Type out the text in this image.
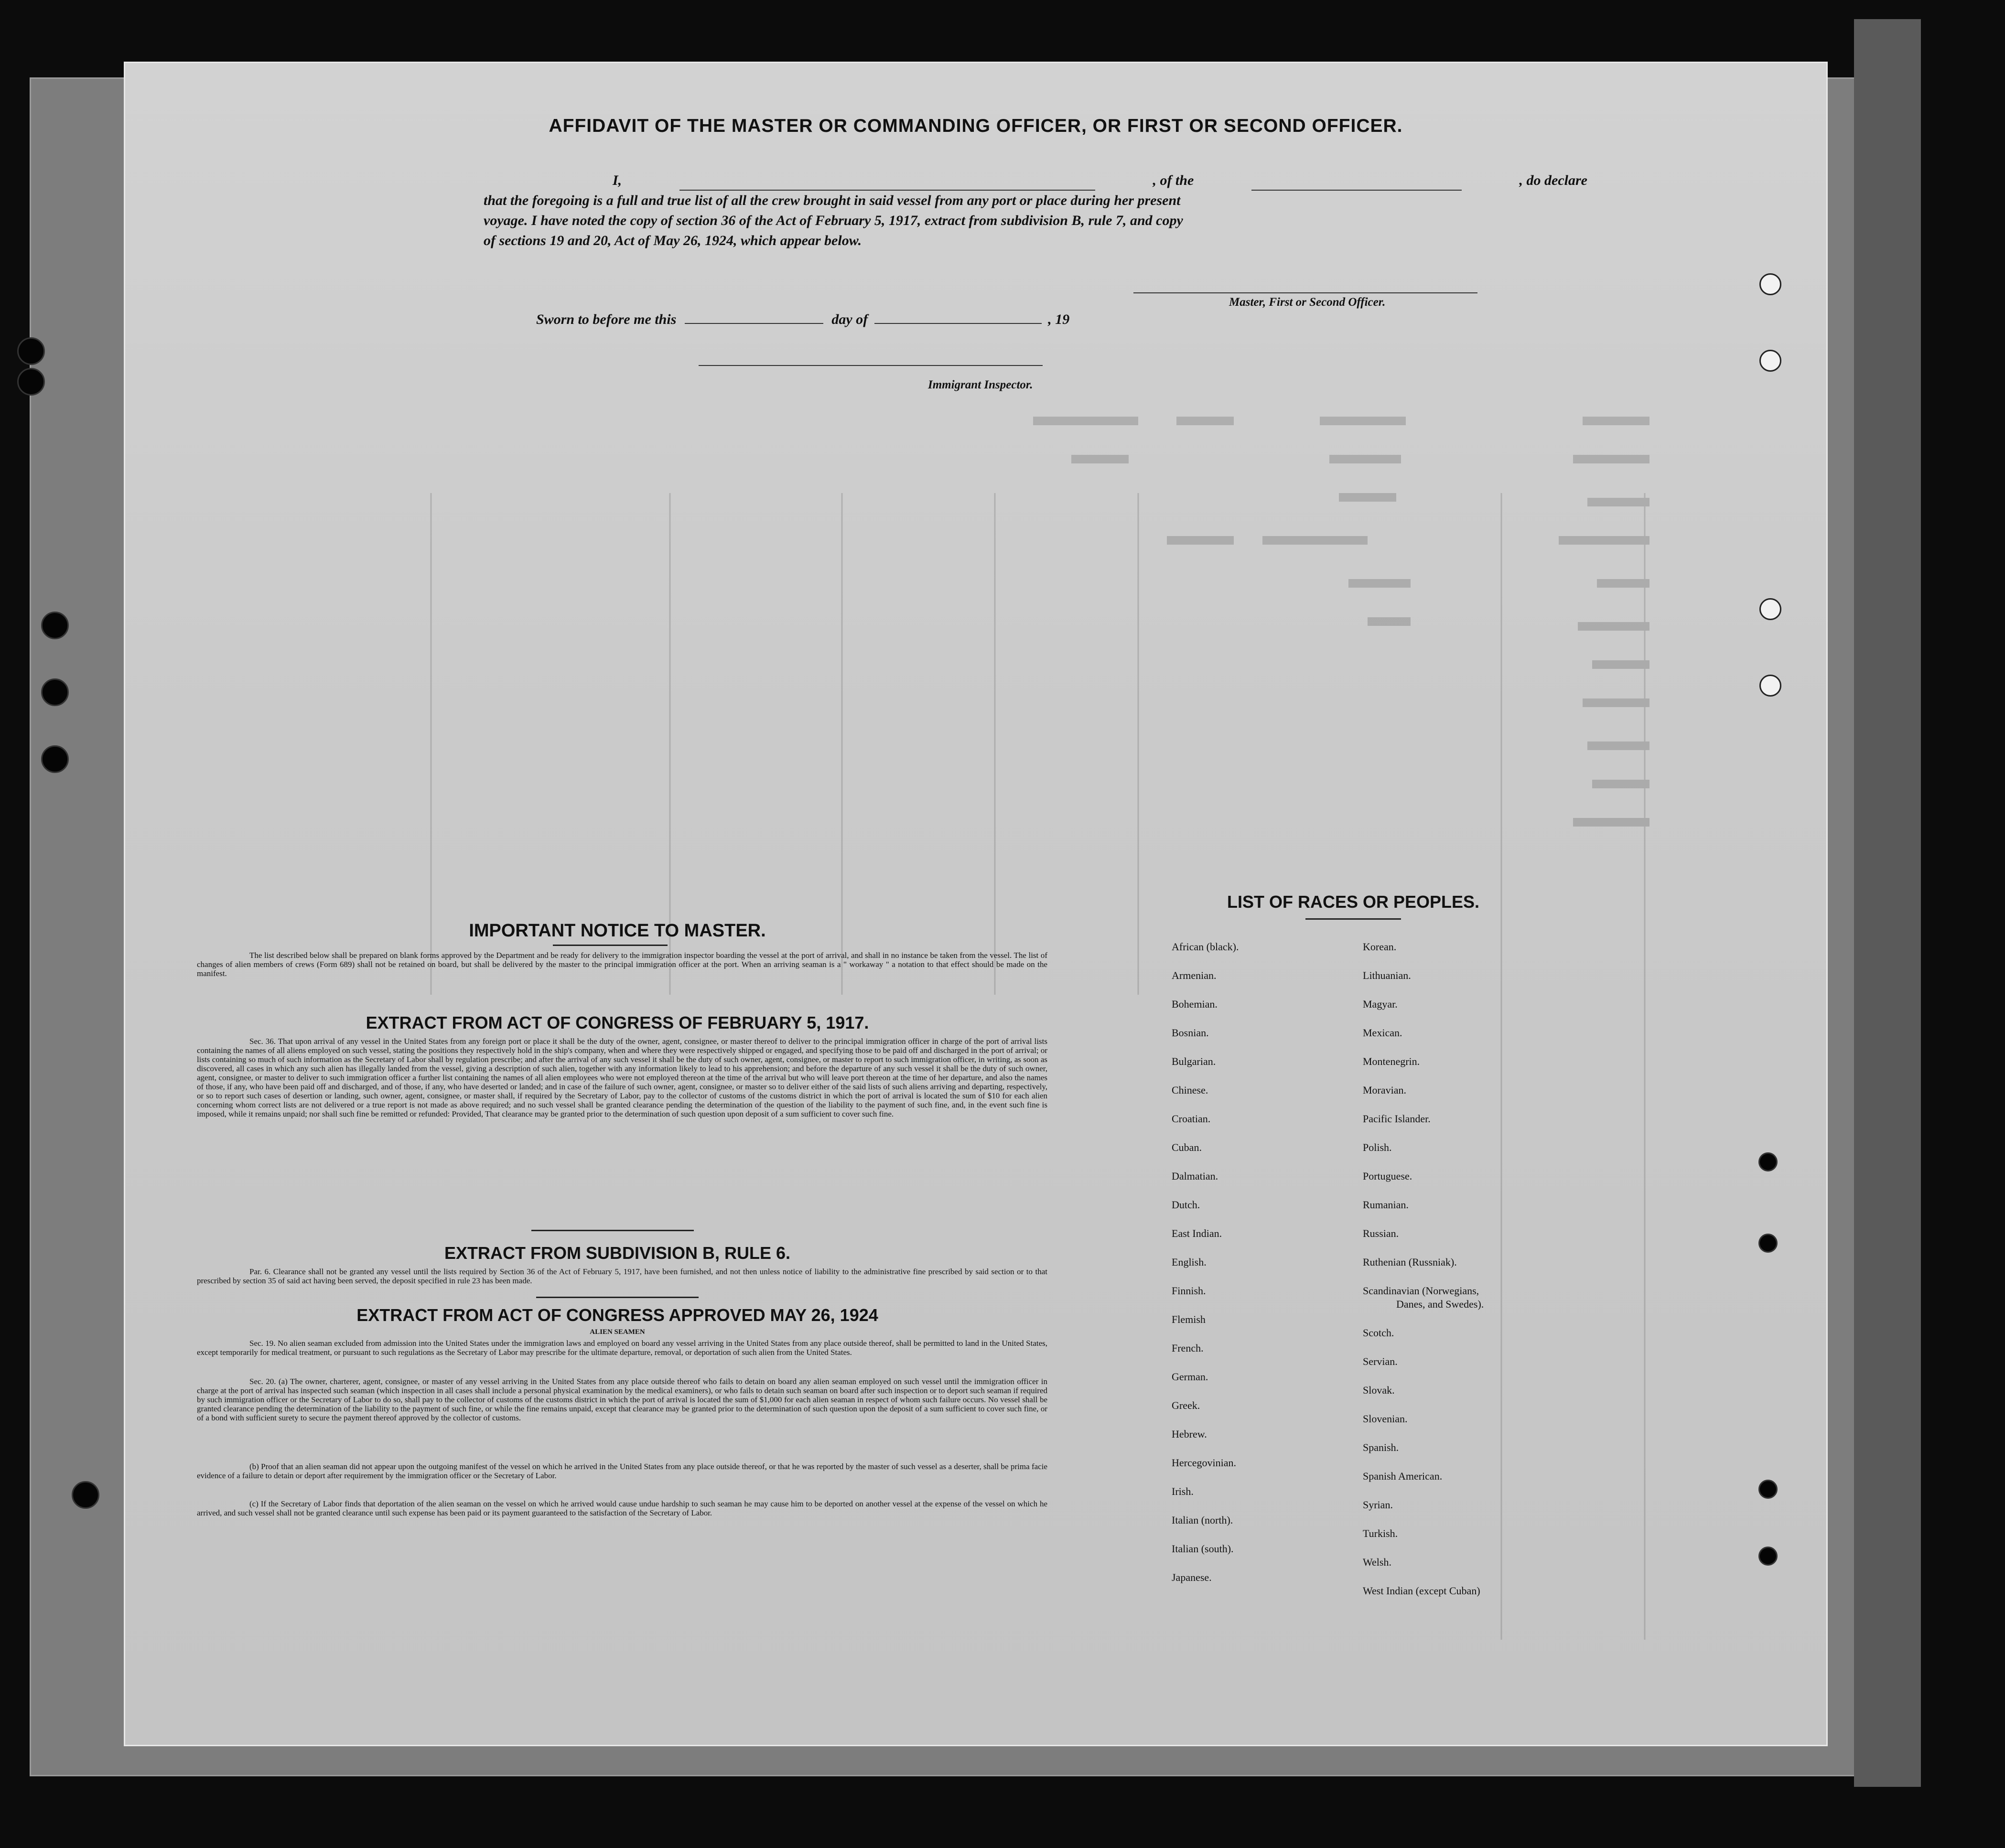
AFFIDAVIT OF THE MASTER OR COMMANDING OFFICER, OR FIRST OR SECOND OFFICER.
I,	, of the	, do declare
that the foregoing is a full and true list of all the crew brought in said vessel from any port or place during her present
voyage. I have noted the copy of section 36 of the Act of February 5, 1917, extract from subdivision B, rule 7, and copy
of sections 19 and 20, Act of May 26, 1924, which appear below.
Master, First or Second Officer.
Sworn to before me this	day of	, 19
Immigrant Inspector.
IMPORTANT NOTICE TO MASTER.
The list described below shall be prepared on blank forms approved by the Department and be ready for delivery to the immigration inspector boarding the vessel at the port of arrival, and shall in no instance be taken from the vessel. The list of changes of alien members of crews (Form 689) shall not be retained on board, but shall be delivered by the master to the principal immigration officer at the port. When an arriving seaman is a " workaway " a notation to that effect should be made on the manifest.
EXTRACT FROM ACT OF CONGRESS OF FEBRUARY 5, 1917.
Sec. 36. That upon arrival of any vessel in the United States from any foreign port or place it shall be the duty of the owner, agent, consignee, or master thereof to deliver to the principal immigration officer in charge of the port of arrival lists containing the names of all aliens employed on such vessel, stating the positions they respectively hold in the ship's company, when and where they were respectively shipped or engaged, and specifying those to be paid off and discharged in the port of arrival; or lists containing so much of such information as the Secretary of Labor shall by regulation prescribe; and after the arrival of any such vessel it shall be the duty of such owner, agent, consignee, or master to report to such immigration officer, in writing, as soon as discovered, all cases in which any such alien has illegally landed from the vessel, giving a description of such alien, together with any information likely to lead to his apprehension; and before the departure of any such vessel it shall be the duty of such owner, agent, consignee, or master to deliver to such immigration officer a further list containing the names of all alien employees who were not employed thereon at the time of the arrival but who will leave port thereon at the time of her departure, and also the names of those, if any, who have been paid off and discharged, and of those, if any, who have deserted or landed; and in case of the failure of such owner, agent, consignee, or master so to deliver either of the said lists of such aliens arriving and departing, respectively, or so to report such cases of desertion or landing, such owner, agent, consignee, or master shall, if required by the Secretary of Labor, pay to the collector of customs of the customs district in which the port of arrival is located the sum of $10 for each alien concerning whom correct lists are not delivered or a true report is not made as above required; and no such vessel shall be granted clearance pending the determination of the question of the liability to the payment of such fine, and, in the event such fine is imposed, while it remains unpaid; nor shall such fine be remitted or refunded: Provided, That clearance may be granted prior to the determination of such question upon deposit of a sum sufficient to cover such fine.
EXTRACT FROM SUBDIVISION B, RULE 6.
Par. 6. Clearance shall not be granted any vessel until the lists required by Section 36 of the Act of February 5, 1917, have been furnished, and not then unless notice of liability to the administrative fine prescribed by said section or to that prescribed by section 35 of said act having been served, the deposit specified in rule 23 has been made.
EXTRACT FROM ACT OF CONGRESS APPROVED MAY 26, 1924
ALIEN SEAMEN
Sec. 19. No alien seaman excluded from admission into the United States under the immigration laws and employed on board any vessel arriving in the United States from any place outside thereof, shall be permitted to land in the United States, except temporarily for medical treatment, or pursuant to such regulations as the Secretary of Labor may prescribe for the ultimate departure, removal, or deportation of such alien from the United States.
Sec. 20. (a) The owner, charterer, agent, consignee, or master of any vessel arriving in the United States from any place outside thereof who fails to detain on board any alien seaman employed on such vessel until the immigration officer in charge at the port of arrival has inspected such seaman (which inspection in all cases shall include a personal physical examination by the medical examiners), or who fails to detain such seaman on board after such inspection or to deport such seaman if required by such immigration officer or the Secretary of Labor to do so, shall pay to the collector of customs of the customs district in which the port of arrival is located the sum of $1,000 for each alien seaman in respect of whom such failure occurs. No vessel shall be granted clearance pending the determination of the liability to the payment of such fine, or while the fine remains unpaid, except that clearance may be granted prior to the determination of such question upon the deposit of a sum sufficient to cover such fine, or of a bond with sufficient surety to secure the payment thereof approved by the collector of customs.
(b) Proof that an alien seaman did not appear upon the outgoing manifest of the vessel on which he arrived in the United States from any place outside thereof, or that he was reported by the master of such vessel as a deserter, shall be prima facie evidence of a failure to detain or deport after requirement by the immigration officer or the Secretary of Labor.
(c) If the Secretary of Labor finds that deportation of the alien seaman on the vessel on which he arrived would cause undue hardship to such seaman he may cause him to be deported on another vessel at the expense of the vessel on which he arrived, and such vessel shall not be granted clearance until such expense has been paid or its payment guaranteed to the satisfaction of the Secretary of Labor.
LIST OF RACES OR PEOPLES.
African (black).
Armenian.
Bohemian.
Bosnian.
Bulgarian.
Chinese.
Croatian.
Cuban.
Dalmatian.
Dutch.
East Indian.
English.
Finnish.
Flemish
French.
German.
Greek.
Hebrew.
Hercegovinian.
Irish.
Italian (north).
Italian (south).
Japanese.
Korean.
Lithuanian.
Magyar.
Mexican.
Montenegrin.
Moravian.
Pacific Islander.
Polish.
Portuguese.
Rumanian.
Russian.
Ruthenian (Russniak).
Scandinavian (Norwegians,
Danes, and Swedes).
Scotch.
Servian.
Slovak.
Slovenian.
Spanish.
Spanish American.
Syrian.
Turkish.
Welsh.
West Indian (except Cuban)
